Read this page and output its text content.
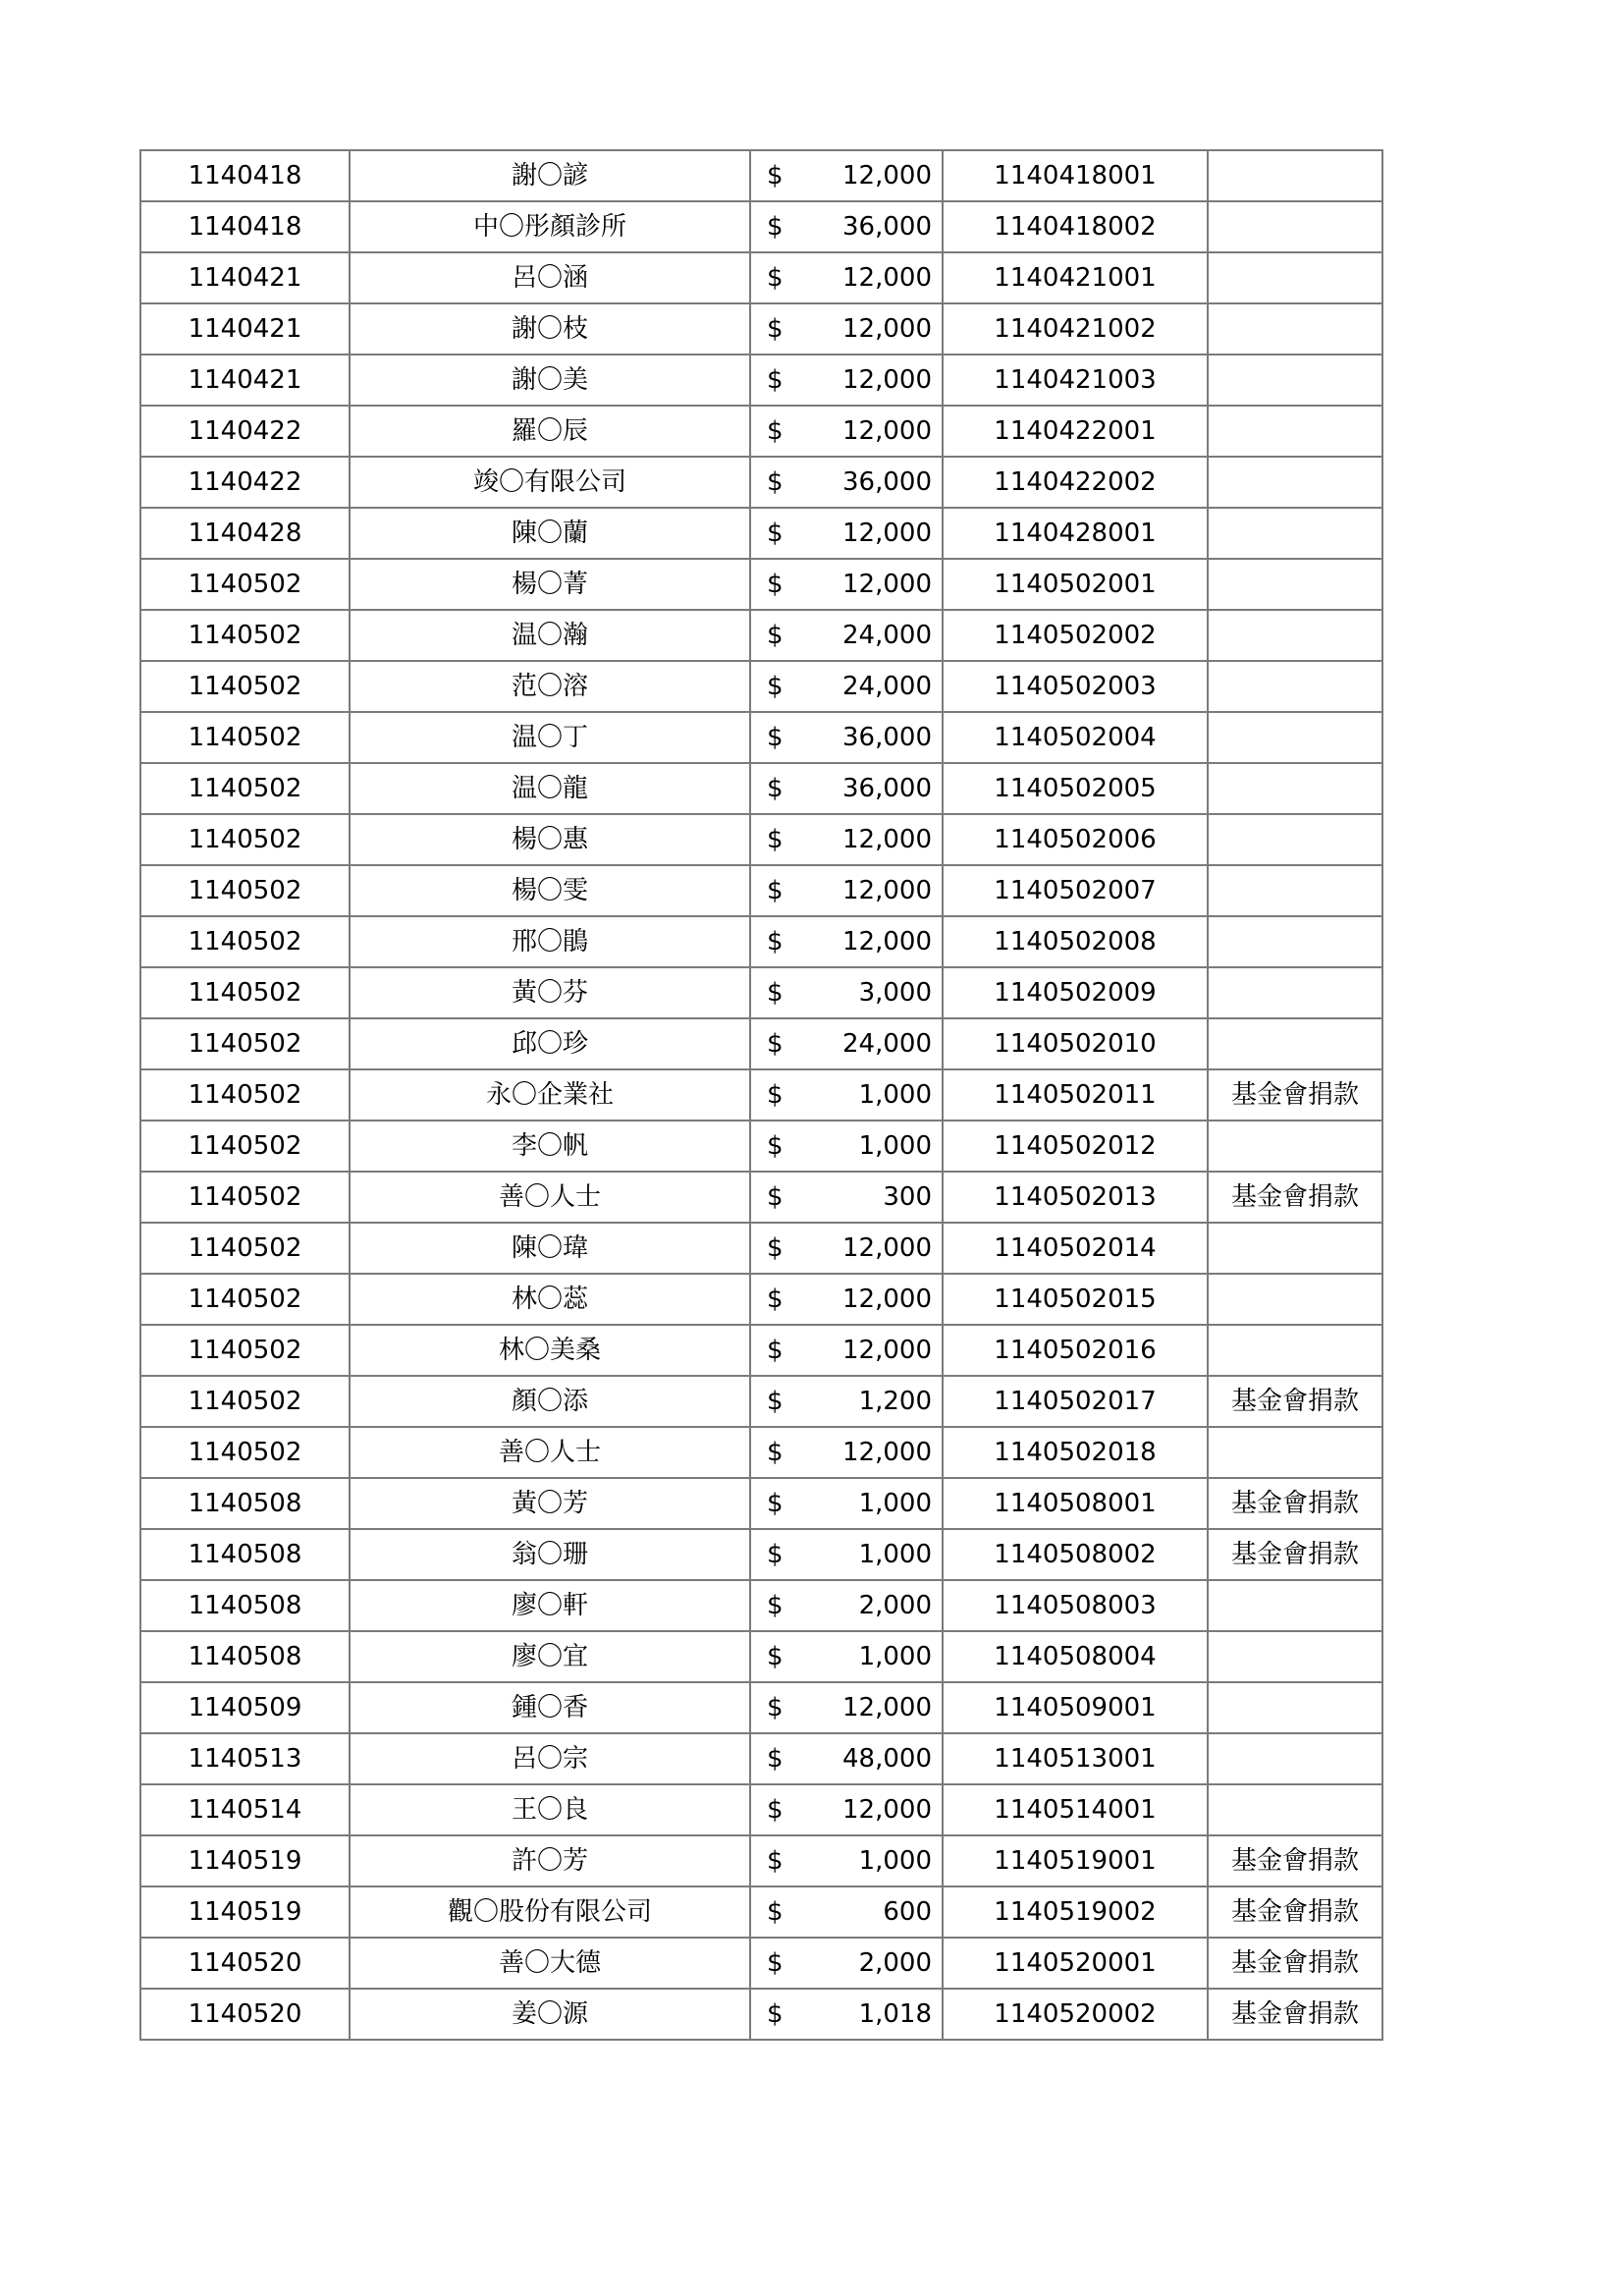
1140418	謝〇諺	$ 12,000	1140418001	
1140418	中〇彤顏診所	$ 36,000	1140418002	
1140421	呂〇涵	$ 12,000	1140421001	
1140421	謝〇枝	$ 12,000	1140421002	
1140421	謝〇美	$ 12,000	1140421003	
1140422	羅〇辰	$ 12,000	1140422001	
1140422	竣〇有限公司	$ 36,000	1140422002	
1140428	陳〇蘭	$ 12,000	1140428001	
1140502	楊〇菁	$ 12,000	1140502001	
1140502	温〇瀚	$ 24,000	1140502002	
1140502	范〇溶	$ 24,000	1140502003	
1140502	温〇丁	$ 36,000	1140502004	
1140502	温〇龍	$ 36,000	1140502005	
1140502	楊〇惠	$ 12,000	1140502006	
1140502	楊〇雯	$ 12,000	1140502007	
1140502	邢〇鵑	$ 12,000	1140502008	
1140502	黃〇芬	$ 3,000	1140502009	
1140502	邱〇珍	$ 24,000	1140502010	
1140502	永〇企業社	$ 1,000	1140502011	基金會捐款
1140502	李〇帆	$ 1,000	1140502012	
1140502	善〇人士	$ 300	1140502013	基金會捐款
1140502	陳〇瑋	$ 12,000	1140502014	
1140502	林〇蕊	$ 12,000	1140502015	
1140502	林〇美桑	$ 12,000	1140502016	
1140502	顏〇添	$ 1,200	1140502017	基金會捐款
1140502	善〇人士	$ 12,000	1140502018	
1140508	黃〇芳	$ 1,000	1140508001	基金會捐款
1140508	翁〇珊	$ 1,000	1140508002	基金會捐款
1140508	廖〇軒	$ 2,000	1140508003	
1140508	廖〇宜	$ 1,000	1140508004	
1140509	鍾〇香	$ 12,000	1140509001	
1140513	呂〇宗	$ 48,000	1140513001	
1140514	王〇良	$ 12,000	1140514001	
1140519	許〇芳	$ 1,000	1140519001	基金會捐款
1140519	觀〇股份有限公司	$ 600	1140519002	基金會捐款
1140520	善〇大德	$ 2,000	1140520001	基金會捐款
1140520	姜〇源	$ 1,018	1140520002	基金會捐款
